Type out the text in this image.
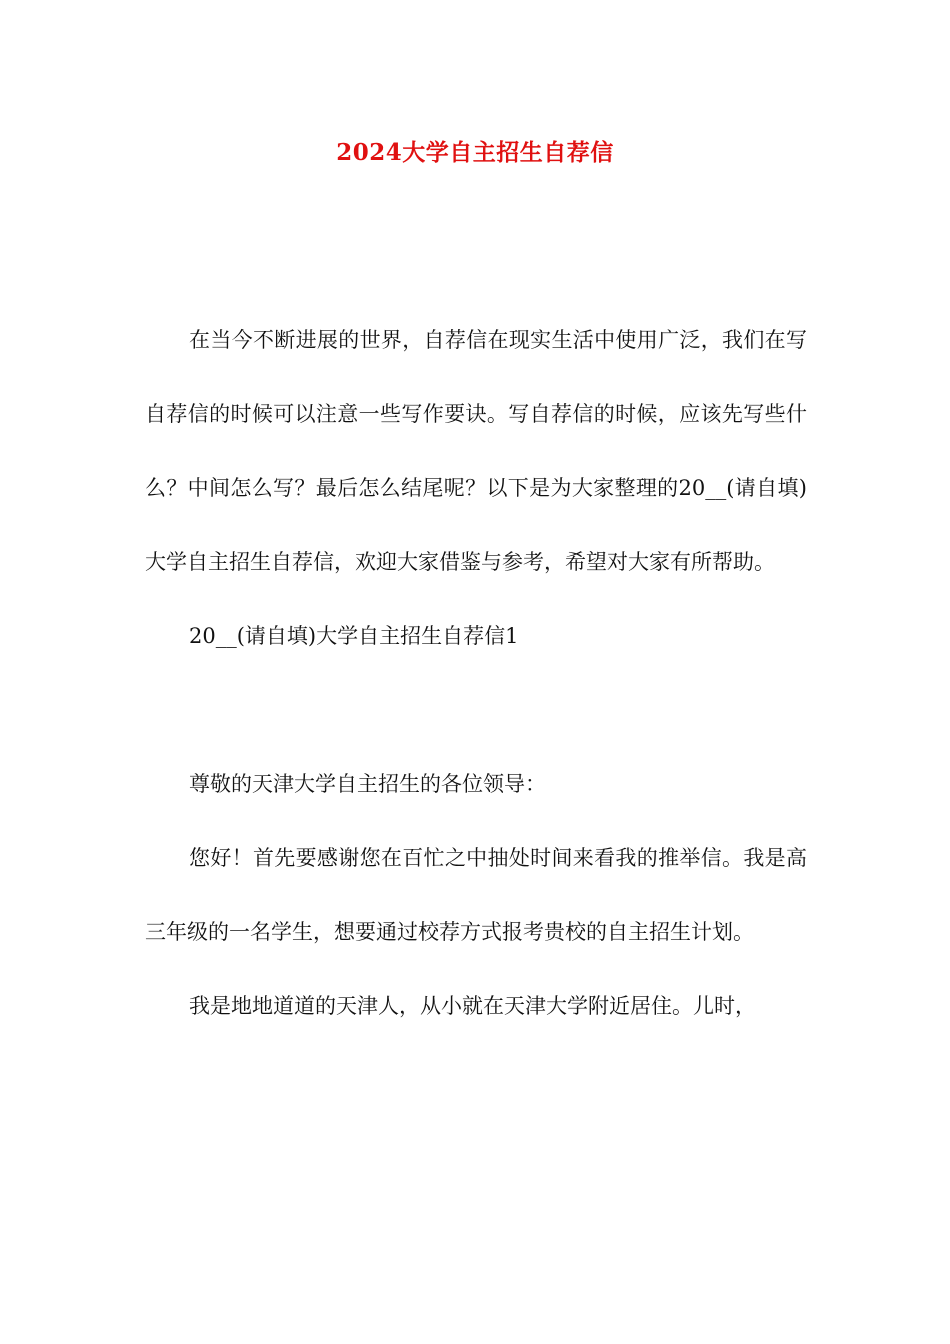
2024大学自主招生自荐信

在当今不断进展的世界，自荐信在现实生活中使用广泛，我们在写自荐信的时候可以注意一些写作要诀。写自荐信的时候，应该先写些什么？中间怎么写？最后怎么结尾呢？以下是为大家整理的20__(请自填)大学自主招生自荐信，欢迎大家借鉴与参考，希望对大家有所帮助。

20__(请自填)大学自主招生自荐信1

尊敬的天津大学自主招生的各位领导：

您好！首先要感谢您在百忙之中抽处时间来看我的推举信。我是高三年级的一名学生，想要通过校荐方式报考贵校的自主招生计划。

我是地地道道的天津人，从小就在天津大学附近居住。儿时，
